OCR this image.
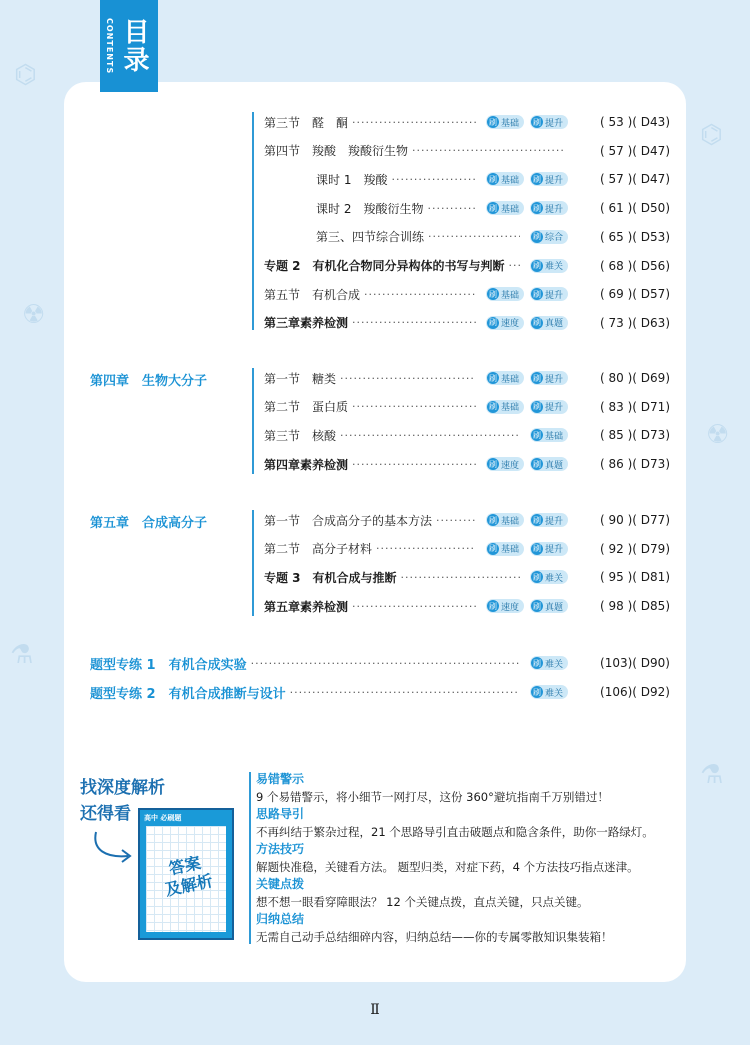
⌬
☢
⚗
⌬
☢
⚗
CONTENTS 目录
第三节　醛　酮 ·····	刷 基础 刷 提升	( 53 )( D43)
第四节　羧酸　羧酸衍生物 ·····	( 57 )( D47)
课时 1　羧酸 ·····	刷 基础 刷 提升	( 57 )( D47)
课时 2　羧酸衍生物 ·····	刷 基础 刷 提升	( 61 )( D50)
第三、四节综合训练 ·····	刷 综合	( 65 )( D53)
专题 2　有机化合物同分异构体的书写与判断 ·····	刷 难关	( 68 )( D56)
第五节　有机合成 ·····	刷 基础 刷 提升	( 69 )( D57)
第三章素养检测 ·····	刷 速度 刷 真题	( 73 )( D63)
第四章　生物大分子	第一节　糖类 ·····	刷 基础 刷 提升	( 80 )( D69)
第二节　蛋白质 ·····	刷 基础 刷 提升	( 83 )( D71)
第三节　核酸 ·····	刷 基础	( 85 )( D73)
第四章素养检测 ·····	刷 速度 刷 真题	( 86 )( D73)
第五章　合成高分子	第一节　合成高分子的基本方法 ·····	刷 基础 刷 提升	( 90 )( D77)
第二节　高分子材料 ·····	刷 基础 刷 提升	( 92 )( D79)
专题 3　有机合成与推断 ·····	刷 难关	( 95 )( D81)
第五章素养检测 ·····	刷 速度 刷 真题	( 98 )( D85)
题型专练 1　有机合成实验 ·····	刷 难关	(103)( D90)
题型专练 2　有机合成推断与设计 ·····	刷 难关	(106)( D92)
找深度解析
还得看	高中 必刷题
答案
及解析
易错警示
9 个易错警示，将小细节一网打尽，这份 360°避坑指南千万别错过！
思路导引
不再纠结于繁杂过程，21 个思路导引直击破题点和隐含条件，助你一路绿灯。
方法技巧
解题快准稳，关键看方法。 题型归类，对症下药，4 个方法技巧指点迷津。
关键点拨
想不想一眼看穿障眼法？ 12 个关键点拨，直点关键，只点关键。
归纳总结
无需自己动手总结细碎内容，归纳总结——你的专属零散知识集装箱！
Ⅱ
